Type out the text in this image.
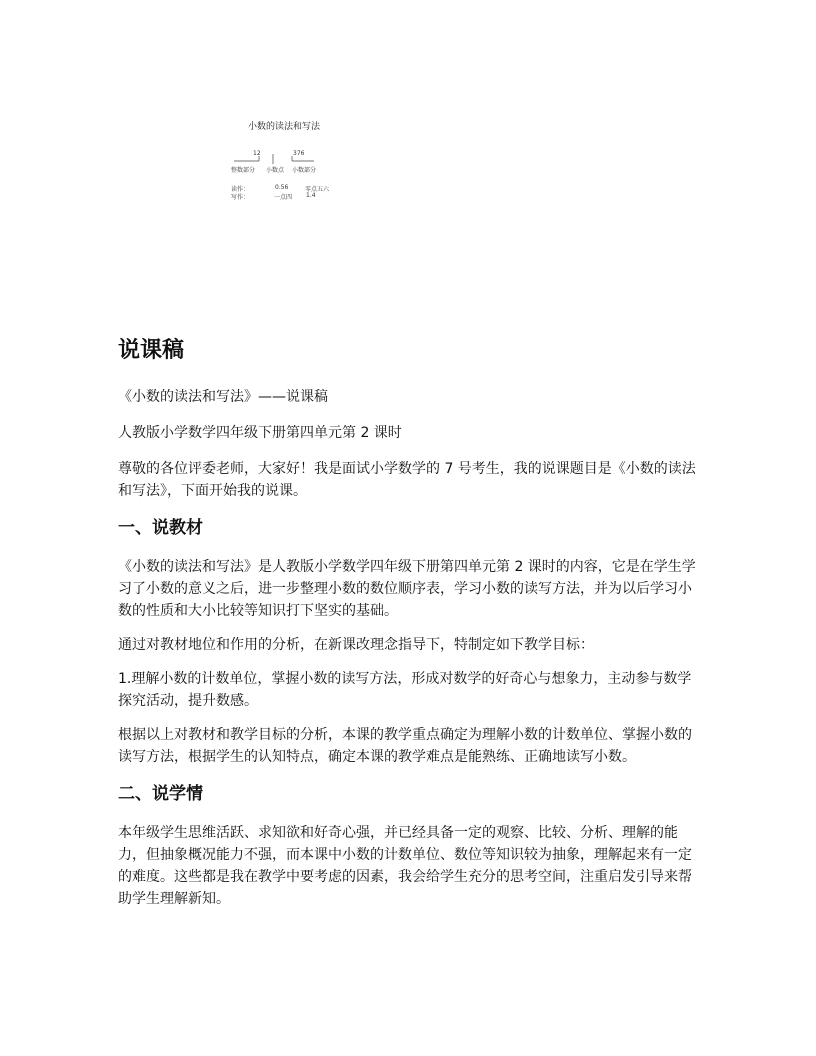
小数的读法和写法
12	376
整数部分 小数点 小数部分
读作：	0.56	零点五六
写作：	一点四 1.4
说课稿

《小数的读法和写法》——说课稿

人教版小学数学四年级下册第四单元第 2 课时

尊敬的各位评委老师，大家好！我是面试小学数学的 7 号考生，我的说课题目是《小数的读法和写法》，下面开始我的说课。

一、说教材

《小数的读法和写法》是人教版小学数学四年级下册第四单元第 2 课时的内容，它是在学生学习了小数的意义之后，进一步整理小数的数位顺序表，学习小数的读写方法，并为以后学习小数的性质和大小比较等知识打下坚实的基础。

通过对教材地位和作用的分析，在新课改理念指导下，特制定如下教学目标：

1.理解小数的计数单位，掌握小数的读写方法，形成对数学的好奇心与想象力，主动参与数学探究活动，提升数感。

根据以上对教材和教学目标的分析，本课的教学重点确定为理解小数的计数单位、掌握小数的读写方法，根据学生的认知特点，确定本课的教学难点是能熟练、正确地读写小数。

二、说学情

本年级学生思维活跃、求知欲和好奇心强，并已经具备一定的观察、比较、分析、理解的能力，但抽象概况能力不强，而本课中小数的计数单位、数位等知识较为抽象，理解起来有一定的难度。这些都是我在教学中要考虑的因素，我会给学生充分的思考空间，注重启发引导来帮助学生理解新知。
